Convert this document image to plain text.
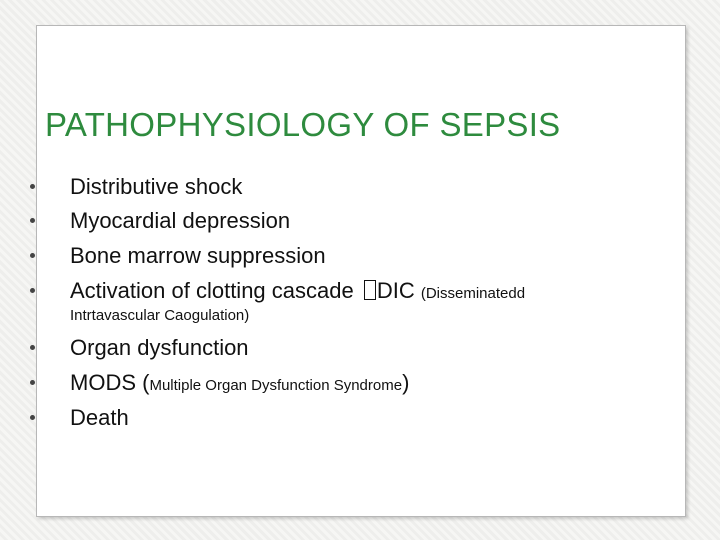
PATHOPHYSIOLOGY OF SEPSIS
Distributive shock
Myocardial depression
Bone marrow suppression
Activation of clotting cascade DIC (Disseminatedd
Intrtavascular Caogulation)
Organ dysfunction
MODS (Multiple Organ Dysfunction Syndrome)
Death
